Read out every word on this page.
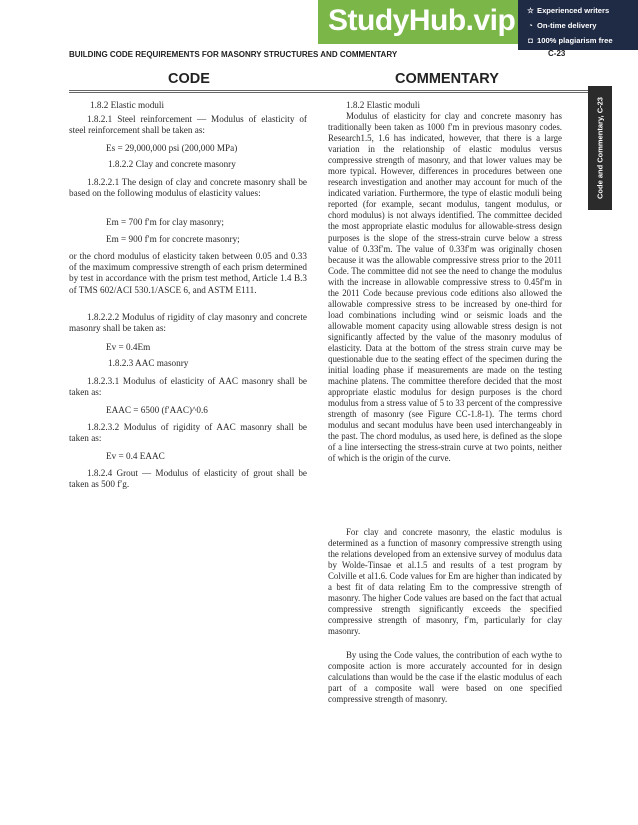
StudyHub.vip ☆ Experienced writers
◔ On-time delivery
◘ 100% plagiarism free
BUILDING CODE REQUIREMENTS FOR MASONRY STRUCTURES AND COMMENTARY	C-23
Code and Commentary, C-23
CODE	COMMENTARY
1.8.2 Elastic moduli
1.8.2.1 Steel reinforcement — Modulus of elasticity of steel reinforcement shall be taken as:
Es = 29,000,000 psi (200,000 MPa)
1.8.2.2 Clay and concrete masonry
1.8.2.2.1 The design of clay and concrete masonry shall be based on the following modulus of elasticity values:
Em = 700 f′m for clay masonry;
Em = 900 f′m for concrete masonry;
or the chord modulus of elasticity taken between 0.05 and 0.33 of the maximum compressive strength of each prism determined by test in accordance with the prism test method, Article 1.4 B.3 of TMS 602/ACI 530.1/ASCE 6, and ASTM E111.
1.8.2.2.2 Modulus of rigidity of clay masonry and concrete masonry shall be taken as:
Ev = 0.4Em
1.8.2.3 AAC masonry
1.8.2.3.1 Modulus of elasticity of AAC masonry shall be taken as:
EAAC = 6500 (f′AAC)^0.6
1.8.2.3.2 Modulus of rigidity of AAC masonry shall be taken as:
Ev = 0.4 EAAC
1.8.2.4 Grout — Modulus of elasticity of grout shall be taken as 500 f′g.
1.8.2 Elastic moduli
Modulus of elasticity for clay and concrete masonry has traditionally been taken as 1000 f′m in previous masonry codes. Research1.5, 1.6 has indicated, however, that there is a large variation in the relationship of elastic modulus versus compressive strength of masonry, and that lower values may be more typical. However, differences in procedures between one research investigation and another may account for much of the indicated variation. Furthermore, the type of elastic moduli being reported (for example, secant modulus, tangent modulus, or chord modulus) is not always identified. The committee decided the most appropriate elastic modulus for allowable-stress design purposes is the slope of the stress-strain curve below a stress value of 0.33f′m. The value of 0.33f′m was originally chosen because it was the allowable compressive stress prior to the 2011 Code. The committee did not see the need to change the modulus with the increase in allowable compressive stress to 0.45f′m in the 2011 Code because previous code editions also allowed the allowable compressive stress to be increased by one-third for load combinations including wind or seismic loads and the allowable moment capacity using allowable stress design is not significantly affected by the value of the masonry modulus of elasticity. Data at the bottom of the stress strain curve may be questionable due to the seating effect of the specimen during the initial loading phase if measurements are made on the testing machine platens. The committee therefore decided that the most appropriate elastic modulus for design purposes is the chord modulus from a stress value of 5 to 33 percent of the compressive strength of masonry (see Figure CC-1.8-1). The terms chord modulus and secant modulus have been used interchangeably in the past. The chord modulus, as used here, is defined as the slope of a line intersecting the stress-strain curve at two points, neither of which is the origin of the curve.
For clay and concrete masonry, the elastic modulus is determined as a function of masonry compressive strength using the relations developed from an extensive survey of modulus data by Wolde-Tinsae et al.1.5 and results of a test program by Colville et al1.6. Code values for Em are higher than indicated by a best fit of data relating Em to the compressive strength of masonry. The higher Code values are based on the fact that actual compressive strength significantly exceeds the specified compressive strength of masonry, f′m, particularly for clay masonry.
By using the Code values, the contribution of each wythe to composite action is more accurately accounted for in design calculations than would be the case if the elastic modulus of each part of a composite wall were based on one specified compressive strength of masonry.
